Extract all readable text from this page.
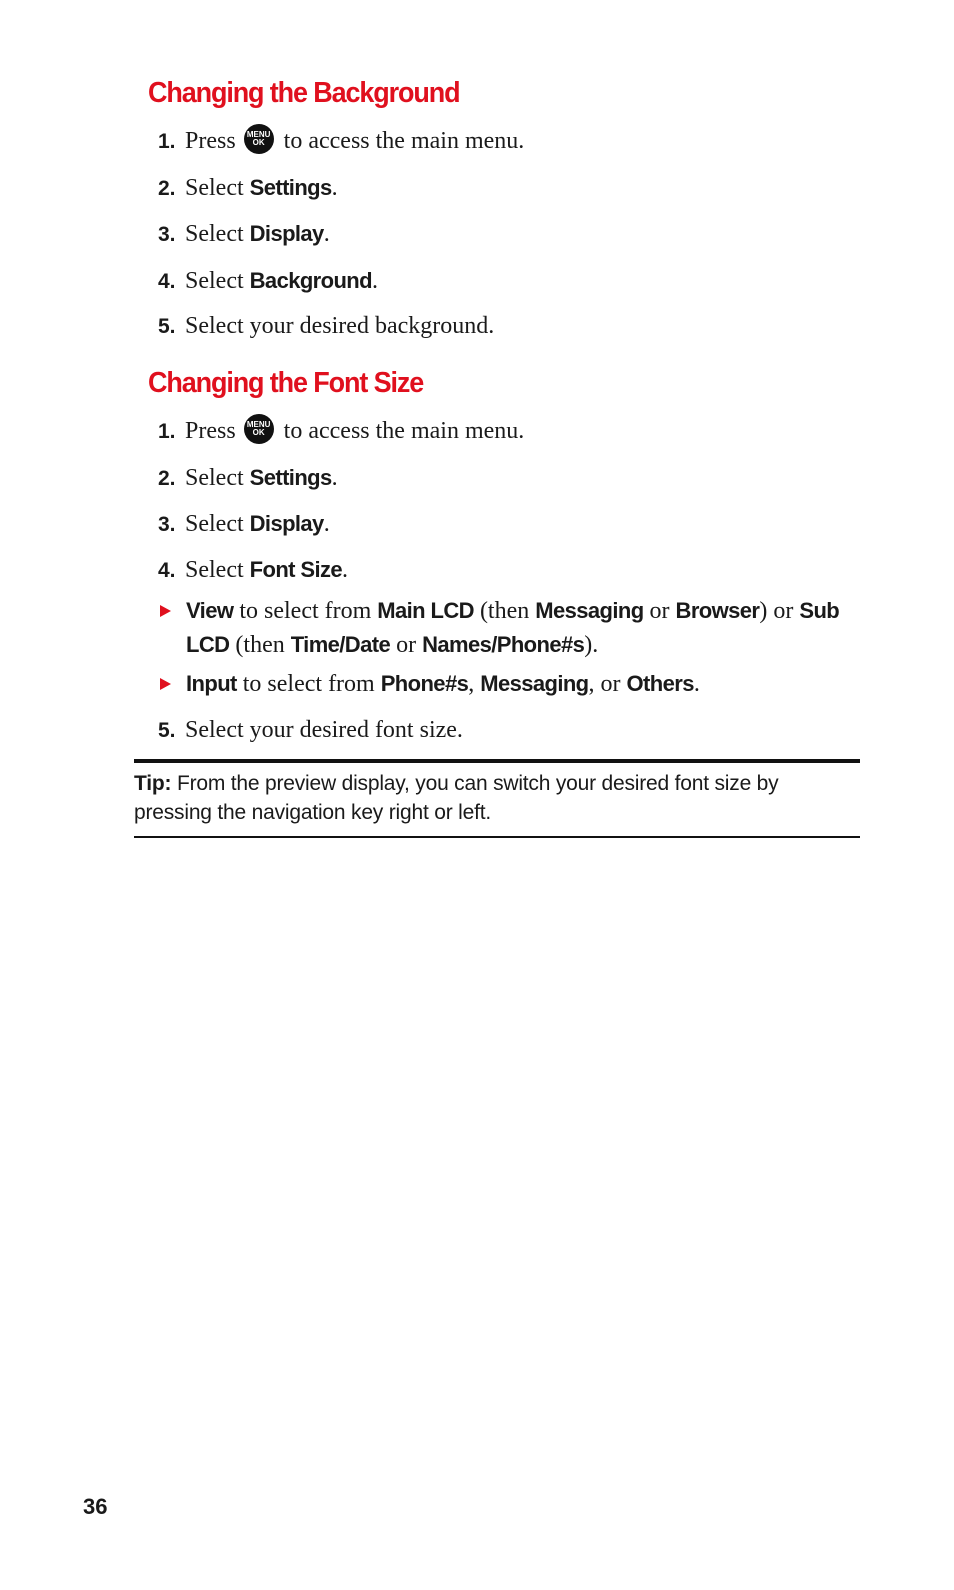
Changing the Background

1. Press	MENU
OK to access the main menu.

2. Select Settings.

3. Select Display.

4. Select Background.

5. Select your desired background.

Changing the Font Size

1. Press	MENU
OK to access the main menu.

2. Select Settings.

3. Select Display.

4. Select Font Size.

View to select from Main LCD (then Messaging or Browser) or Sub LCD (then Time/Date or Names/Phone#s).

Input to select from Phone#s, Messaging, or Others.

5. Select your desired font size.

Tip: From the preview display, you can switch your desired font size by pressing the navigation key right or left.
36
